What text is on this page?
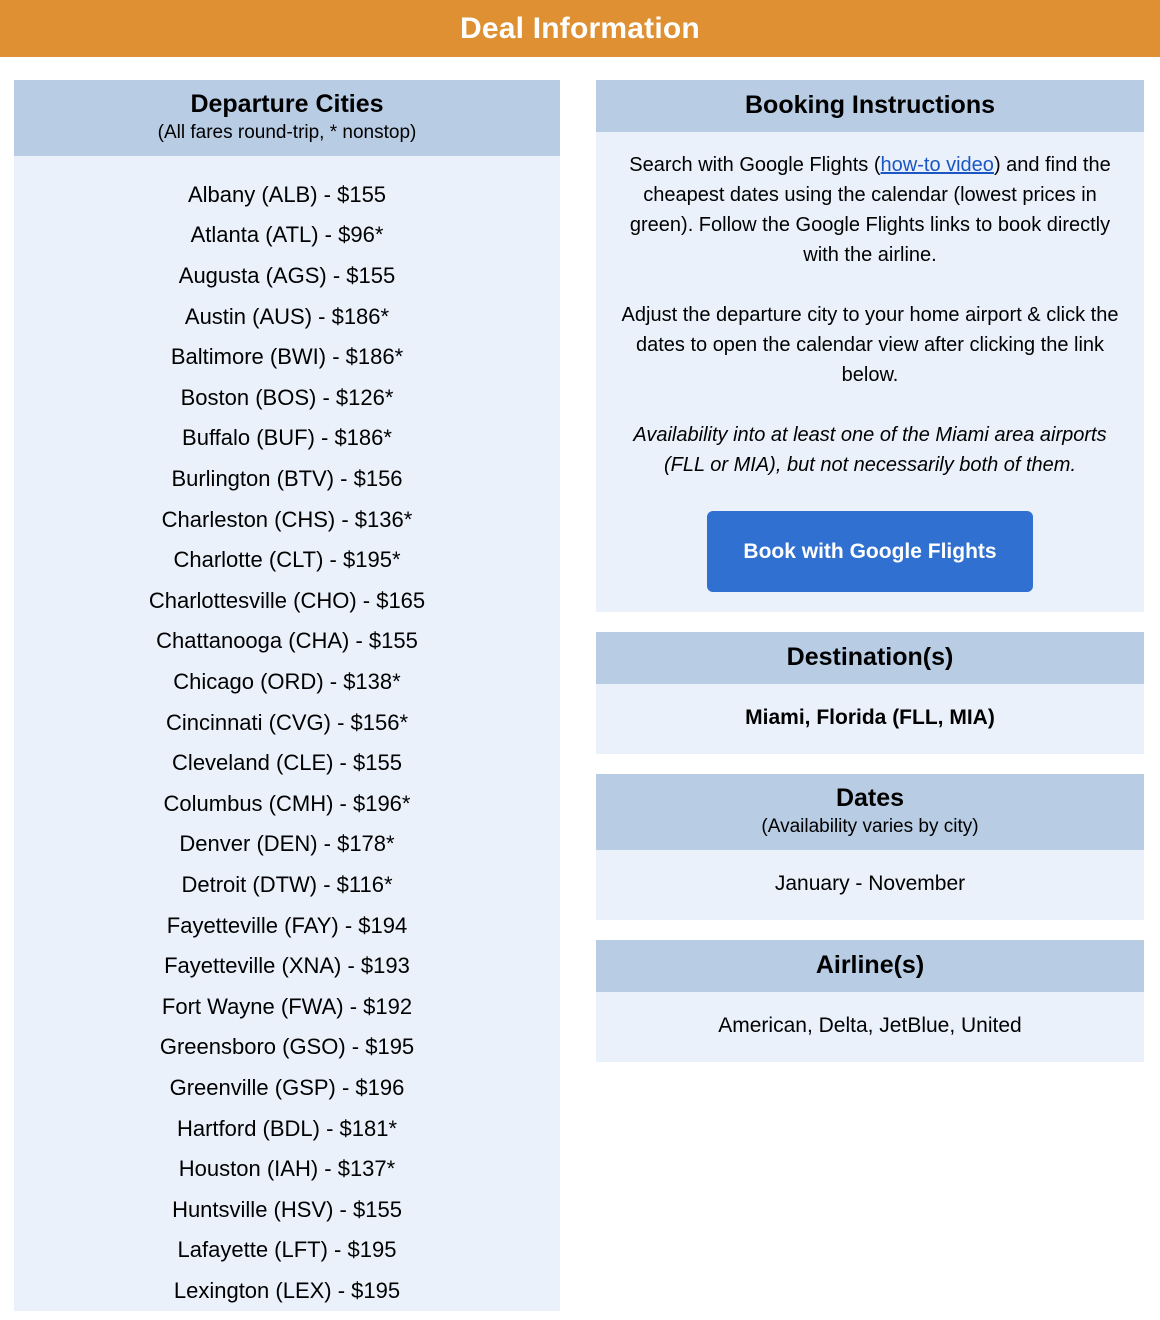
Deal Information
Departure Cities
(All fares round-trip, * nonstop)
Albany (ALB) - $155
Atlanta (ATL) - $96*
Augusta (AGS) - $155
Austin (AUS) - $186*
Baltimore (BWI) - $186*
Boston (BOS) - $126*
Buffalo (BUF) - $186*
Burlington (BTV) - $156
Charleston (CHS) - $136*
Charlotte (CLT) - $195*
Charlottesville (CHO) - $165
Chattanooga (CHA) - $155
Chicago (ORD) - $138*
Cincinnati (CVG) - $156*
Cleveland (CLE) - $155
Columbus (CMH) - $196*
Denver (DEN) - $178*
Detroit (DTW) - $116*
Fayetteville (FAY) - $194
Fayetteville (XNA) - $193
Fort Wayne (FWA) - $192
Greensboro (GSO) - $195
Greenville (GSP) - $196
Hartford (BDL) - $181*
Houston (IAH) - $137*
Huntsville (HSV) - $155
Lafayette (LFT) - $195
Lexington (LEX) - $195
Booking Instructions

Search with Google Flights (how-to video) and find the cheapest dates using the calendar (lowest prices in green). Follow the Google Flights links to book directly with the airline.

Adjust the departure city to your home airport & click the dates to open the calendar view after clicking the link below.

Availability into at least one of the Miami area airports (FLL or MIA), but not necessarily both of them.

Book with Google Flights
Destination(s)
Miami, Florida (FLL, MIA)
Dates
(Availability varies by city)
January - November
Airline(s)
American, Delta, JetBlue, United
